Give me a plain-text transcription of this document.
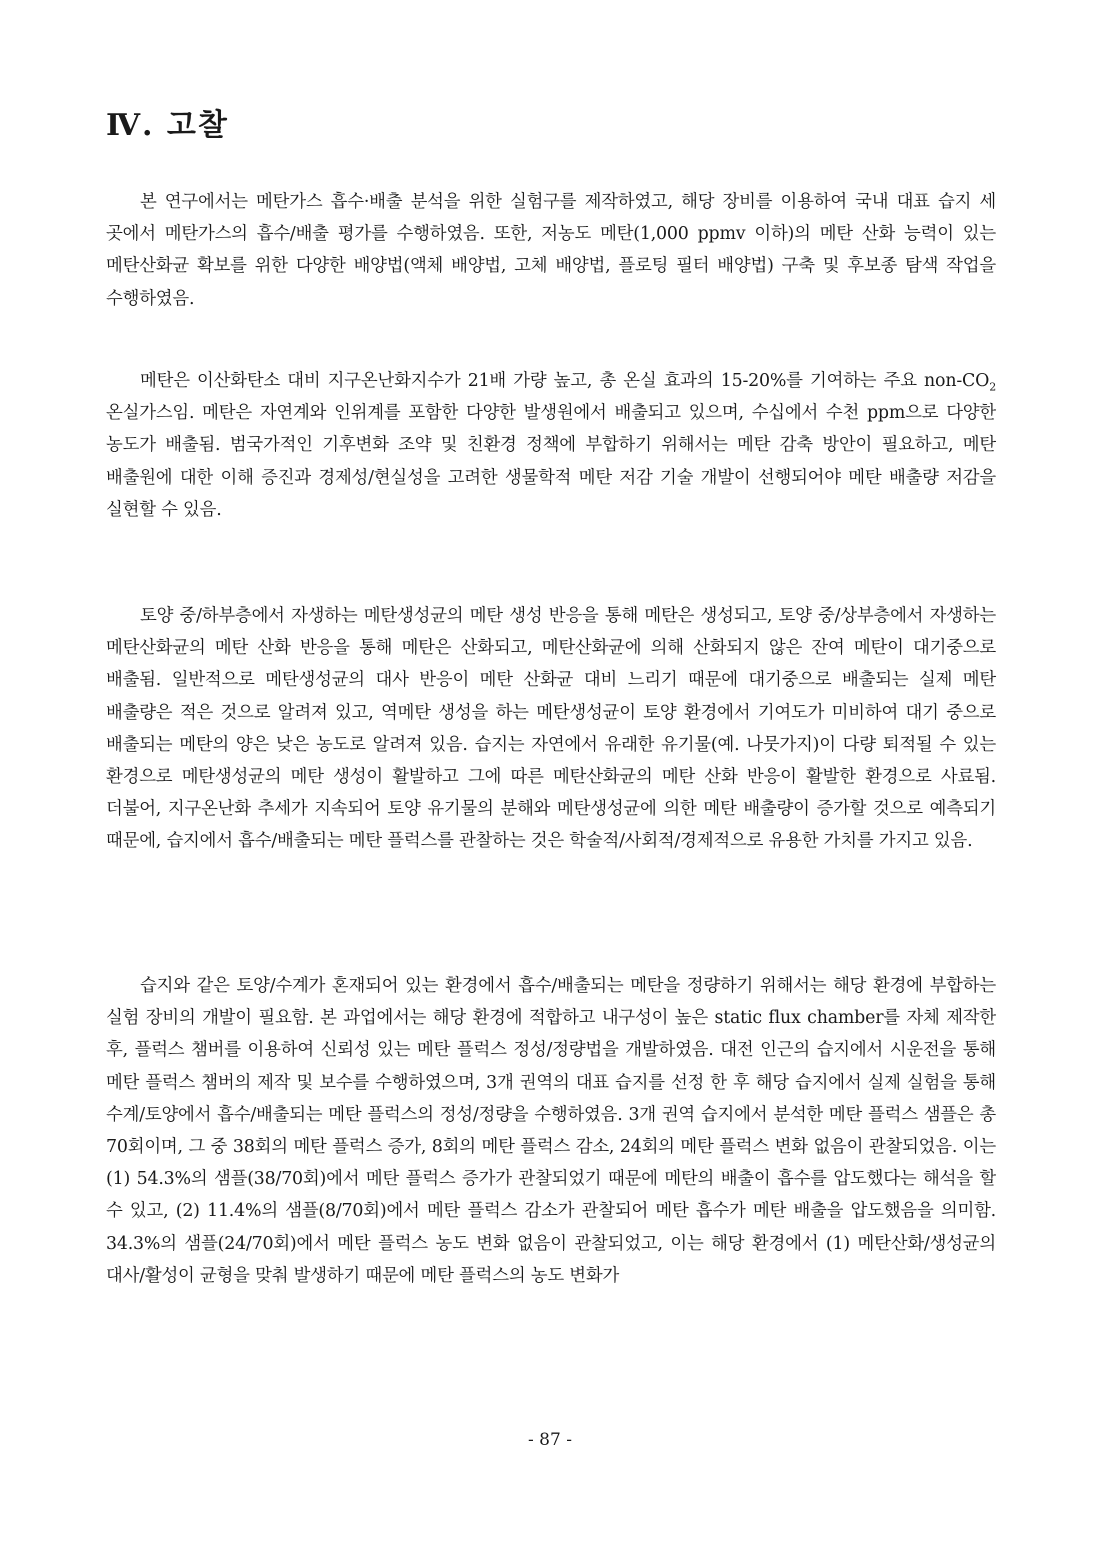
Ⅳ. 고찰

본 연구에서는 메탄가스 흡수·배출 분석을 위한 실험구를 제작하였고, 해당 장비를 이용하여 국내 대표 습지 세 곳에서 메탄가스의 흡수/배출 평가를 수행하였음. 또한, 저농도 메탄(1,000 ppmv 이하)의 메탄 산화 능력이 있는 메탄산화균 확보를 위한 다양한 배양법(액체 배양법, 고체 배양법, 플로팅 필터 배양법) 구축 및 후보종 탐색 작업을 수행하였음.

메탄은 이산화탄소 대비 지구온난화지수가 21배 가량 높고, 총 온실 효과의 15-20%를 기여하는 주요 non-$CO_2$ 온실가스임. 메탄은 자연계와 인위계를 포함한 다양한 발생원에서 배출되고 있으며, 수십에서 수천 ppm으로 다양한 농도가 배출됨. 범국가적인 기후변화 조약 및 친환경 정책에 부합하기 위해서는 메탄 감축 방안이 필요하고, 메탄 배출원에 대한 이해 증진과 경제성/현실성을 고려한 생물학적 메탄 저감 기술 개발이 선행되어야 메탄 배출량 저감을 실현할 수 있음.

토양 중/하부층에서 자생하는 메탄생성균의 메탄 생성 반응을 통해 메탄은 생성되고, 토양 중/상부층에서 자생하는 메탄산화균의 메탄 산화 반응을 통해 메탄은 산화되고, 메탄산화균에 의해 산화되지 않은 잔여 메탄이 대기중으로 배출됨. 일반적으로 메탄생성균의 대사 반응이 메탄 산화균 대비 느리기 때문에 대기중으로 배출되는 실제 메탄 배출량은 적은 것으로 알려져 있고, 역메탄 생성을 하는 메탄생성균이 토양 환경에서 기여도가 미비하여 대기 중으로 배출되는 메탄의 양은 낮은 농도로 알려져 있음. 습지는 자연에서 유래한 유기물(예. 나뭇가지)이 다량 퇴적될 수 있는 환경으로 메탄생성균의 메탄 생성이 활발하고 그에 따른 메탄산화균의 메탄 산화 반응이 활발한 환경으로 사료됨. 더불어, 지구온난화 추세가 지속되어 토양 유기물의 분해와 메탄생성균에 의한 메탄 배출량이 증가할 것으로 예측되기 때문에, 습지에서 흡수/배출되는 메탄 플럭스를 관찰하는 것은 학술적/사회적/경제적으로 유용한 가치를 가지고 있음.

습지와 같은 토양/수계가 혼재되어 있는 환경에서 흡수/배출되는 메탄을 정량하기 위해서는 해당 환경에 부합하는 실험 장비의 개발이 필요함. 본 과업에서는 해당 환경에 적합하고 내구성이 높은 static flux chamber를 자체 제작한 후, 플럭스 챔버를 이용하여 신뢰성 있는 메탄 플럭스 정성/정량법을 개발하였음. 대전 인근의 습지에서 시운전을 통해 메탄 플럭스 챔버의 제작 및 보수를 수행하였으며, 3개 권역의 대표 습지를 선정 한 후 해당 습지에서 실제 실험을 통해 수계/토양에서 흡수/배출되는 메탄 플럭스의 정성/정량을 수행하였음. 3개 권역 습지에서 분석한 메탄 플럭스 샘플은 총 70회이며, 그 중 38회의 메탄 플럭스 증가, 8회의 메탄 플럭스 감소, 24회의 메탄 플럭스 변화 없음이 관찰되었음. 이는 (1) 54.3%의 샘플(38/70회)에서 메탄 플럭스 증가가 관찰되었기 때문에 메탄의 배출이 흡수를 압도했다는 해석을 할 수 있고, (2) 11.4%의 샘플(8/70회)에서 메탄 플럭스 감소가 관찰되어 메탄 흡수가 메탄 배출을 압도했음을 의미함. 34.3%의 샘플(24/70회)에서 메탄 플럭스 농도 변화 없음이 관찰되었고, 이는 해당 환경에서 (1) 메탄산화/생성균의 대사/활성이 균형을 맞춰 발생하기 때문에 메탄 플럭스의 농도 변화가

- 87 -
